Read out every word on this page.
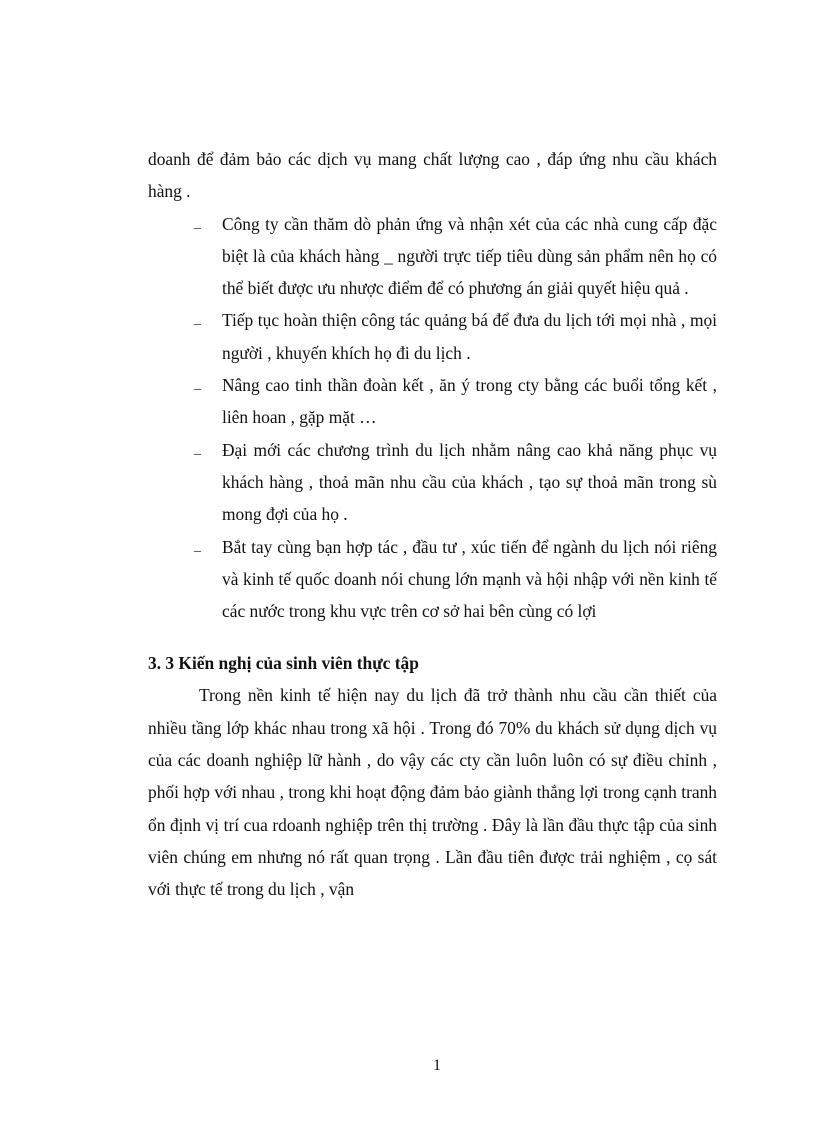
doanh để đảm bảo các dịch vụ mang chất lượng cao , đáp ứng nhu cầu khách hàng .

_ Công ty cần thăm dò phản ứng và nhận xét của các nhà cung cấp đặc biệt là của khách hàng _ người trực tiếp tiêu dùng sản phẩm nên họ có thể biết được ưu nhược điểm để có phương án giải quyết hiệu quả .
_ Tiếp tục hoàn thiện công tác quảng bá để đưa du lịch tới mọi nhà , mọi người , khuyến khích họ đi du lịch .
_ Nâng cao tinh thần đoàn kết , ăn ý trong cty bằng các buổi tổng kết , liên hoan , gặp mặt …
_ Đại mới các chương trình du lịch nhằm nâng cao khả năng phục vụ khách hàng , thoả mãn nhu cầu của khách , tạo sự thoả mãn trong sù mong đợi của họ .
_ Bắt tay cùng bạn hợp tác , đầu tư , xúc tiến để ngành du lịch nói riêng và kinh tế quốc doanh nói chung lớn mạnh và hội nhập với nền kinh tế các nước trong khu vực trên cơ sở hai bên cùng có lợi
3. 3 Kiến nghị của sinh viên thực tập

Trong nền kinh tế hiện nay du lịch đã trở thành nhu cầu cần thiết của nhiều tầng lớp khác nhau trong xã hội . Trong đó 70% du khách sử dụng dịch vụ của các doanh nghiệp lữ hành , do vậy các cty cần luôn luôn có sự điều chỉnh , phối hợp với nhau , trong khi hoạt động đảm bảo giành thắng lợi trong cạnh tranh ổn định vị trí cua rdoanh nghiệp trên thị trường . Đây là lần đầu thực tập của sinh viên chúng em nhưng nó rất quan trọng . Lần đầu tiên được trải nghiệm , cọ sát với thực tế trong du lịch , vận

1
